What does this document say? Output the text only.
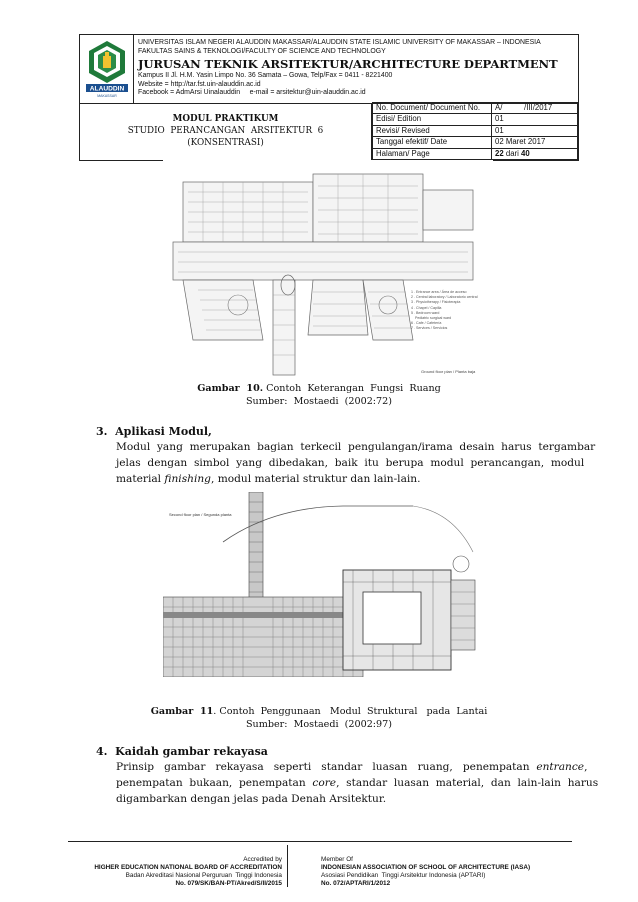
ALAUDDIN
MAKASSAR
UNIVERSITAS ISLAM NEGERI ALAUDDIN MAKASSAR/ALAUDDIN STATE ISLAMIC UNIVERSITY OF MAKASSAR – INDONESIA
FAKULTAS SAINS & TEKNOLOGI/FACULTY OF SCIENCE AND TECHNOLOGY
JURUSAN TEKNIK ARSITEKTUR/ARCHITECTURE DEPARTMENT
Kampus II Jl. H.M. Yasin Limpo No. 36 Samata – Gowa, Telp/Fax = 0411 - 8221400
Website = http://tar.fst.uin-alauddin.ac.id
Facebook = AdmArsi Uinalauddin     e-mail = arsitektur@uin-alauddin.ac.id
MODUL PRAKTIKUM
STUDIO  PERANCANGAN  ARSITEKTUR  6
(KONSENTRASI)
No. Document/ Document No.	A/          /III/2017
Edisi/ Edition	01
Revisi/ Revised	01
Tanggal efektif/ Date	02 Maret 2017
Halaman/ Page	22 dari 40
1 . Entrance area / Área de acceso
2 . Central laboratory / Laboratorio central
3 . Physiotherapy / Fisioterapia
4 . Chapel / Capilla
5 . Bedroom ward
Pediatric surgical ward
6 . Cafe / Cafetería
7 . Services / Servicios
Ground floor plan / Planta baja
Gambar  10. Contoh  Keterangan  Fungsi  Ruang
Sumber:  Mostaedi  (2002:72)
3.  Aplikasi Modul,
Modul  yang  merupakan  bagian  terkecil  pengulangan/irama  desain  harus  tergambar
jelas  dengan  simbol  yang  dibedakan,  baik  itu  berupa  modul  perancangan,  modul
material finishing, modul material struktur dan lain-lain.
Second floor plan / Segunda planta
Gambar  11. Contoh  Penggunaan   Modul  Struktural   pada  Lantai
Sumber:  Mostaedi  (2002:97)
4.  Kaidah gambar rekayasa
Prinsip   gambar   rekayasa   seperti   standar   luasan   ruang,   penempatan  entrance,
penempatan  bukaan,  penempatan  core,  standar  luasan  material,  dan  lain-lain  harus
digambarkan dengan jelas pada Denah Arsitektur.
Accredited by
HIGHER EDUCATION NATIONAL BOARD OF ACCREDITATION
Badan Akreditasi Nasional Perguruan  Tinggi Indonesia
No. 079/SK/BAN-PT/Akred/S/II/2015
Member Of
INDONESIAN ASSOCIATION OF SCHOOL OF ARCHITECTURE (IASA)
Asosiasi Pendidikan  Tinggi Arsitektur Indonesia (APTARI)
No. 072/APTARI/1/2012
